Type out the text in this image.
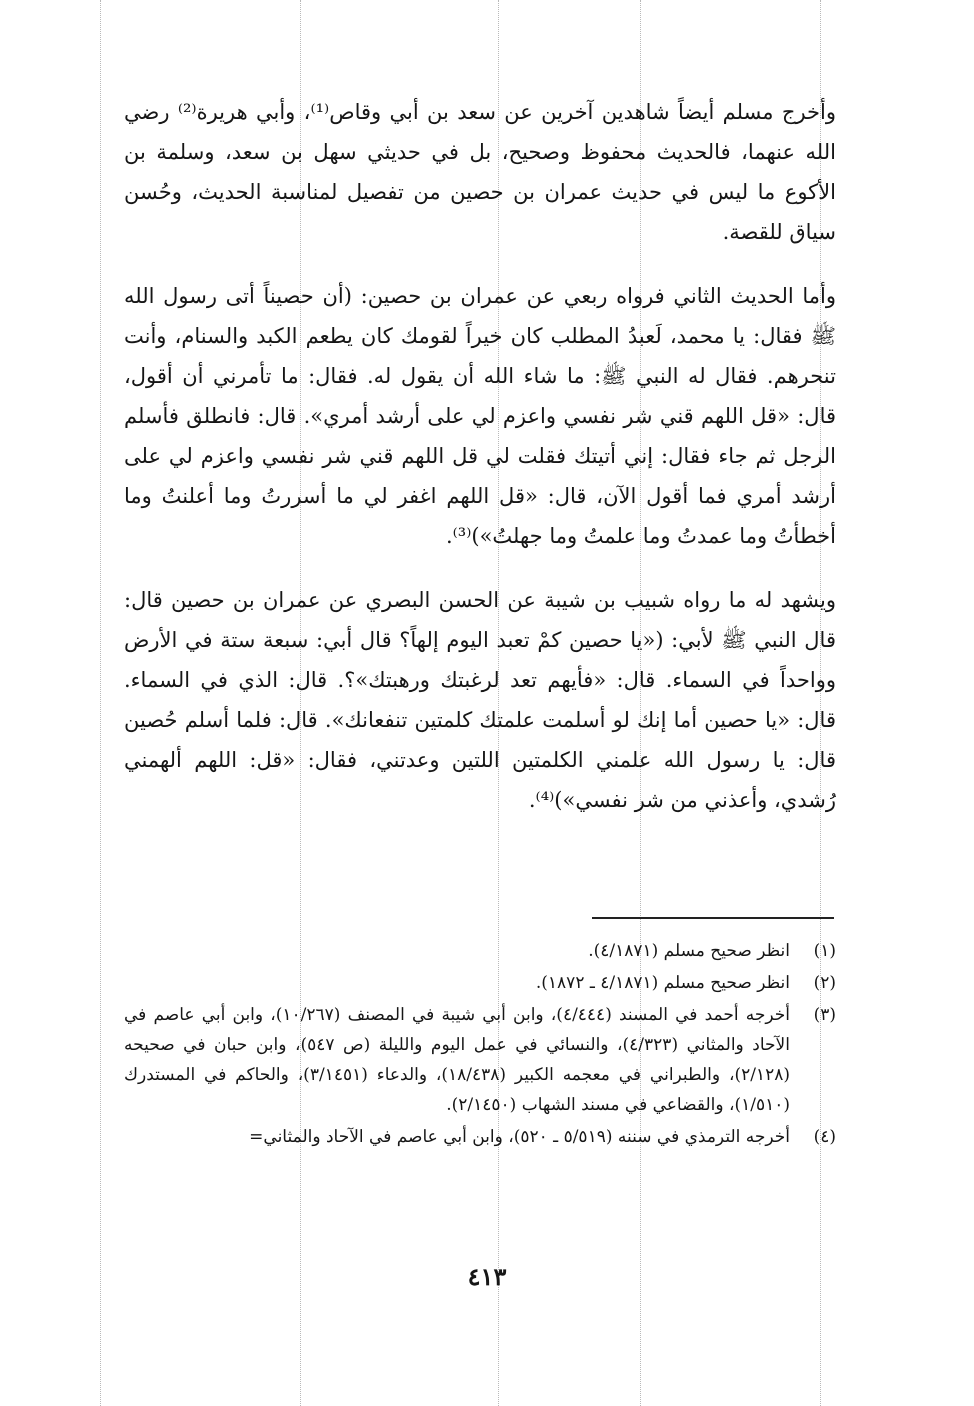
وأخرج مسلم أيضاً شاهدين آخرين عن سعد بن أبي وقاص⁽¹⁾، وأبي هريرة⁽²⁾ رضي الله عنهما، فالحديث محفوظ وصحيح، بل في حديثي سهل بن سعد، وسلمة بن الأكوع ما ليس في حديث عمران بن حصين من تفصيل لمناسبة الحديث، وحُسن سياق للقصة.

وأما الحديث الثاني فرواه ربعي عن عمران بن حصين: (أن حصيناً أتى رسول الله ﷺ فقال: يا محمد، لَعبدُ المطلب كان خيراً لقومك كان يطعم الكبد والسنام، وأنت تنحرهم. فقال له النبي ﷺ: ما شاء الله أن يقول له. فقال: ما تأمرني أن أقول، قال: «قل اللهم قني شر نفسي واعزم لي على أرشد أمري». قال: فانطلق فأسلم الرجل ثم جاء فقال: إني أتيتك فقلت لي قل اللهم قني شر نفسي واعزم لي على أرشد أمري فما أقول الآن، قال: «قل اللهم اغفر لي ما أسررتُ وما أعلنتُ وما أخطأتُ وما عمدتُ وما علمتُ وما جهلتُ»)⁽³⁾.

ويشهد له ما رواه شبيب بن شيبة عن الحسن البصري عن عمران بن حصين قال: قال النبي ﷺ لأبي: («يا حصين كمْ تعبد اليوم إلهاً؟ قال أبي: سبعة ستة في الأرض وواحداً في السماء. قال: «فأيهم تعد لرغبتك ورهبتك»؟. قال: الذي في السماء. قال: «يا حصين أما إنك لو أسلمت علمتك كلمتين تنفعانك». قال: فلما أسلم حُصين قال: يا رسول الله علمني الكلمتين اللتين وعدتني، فقال: «قل: اللهم ألهمني رُشدي، وأعذني من شر نفسي»)⁽⁴⁾.

(١)
انظر صحيح مسلم (٤/١٨٧١).
(٢)
انظر صحيح مسلم (٤/١٨٧١ ـ ١٨٧٢).
(٣)
أخرجه أحمد في المسند (٤/٤٤٤)، وابن أبي شيبة في المصنف (١٠/٢٦٧)، وابن أبي عاصم في الآحاد والمثاني (٤/٣٢٣)، والنسائي في عمل اليوم والليلة (ص ٥٤٧)، وابن حبان في صحيحه (٢/١٢٨)، والطبراني في معجمه الكبير (١٨/٤٣٨)، والدعاء (٣/١٤٥١)، والحاكم في المستدرك (١/٥١٠)، والقضاعي في مسند الشهاب (٢/١٤٥٠).
(٤)
أخرجه الترمذي في سننه (٥/٥١٩ ـ ٥٢٠)، وابن أبي عاصم في الآحاد والمثاني=
٤١٣
